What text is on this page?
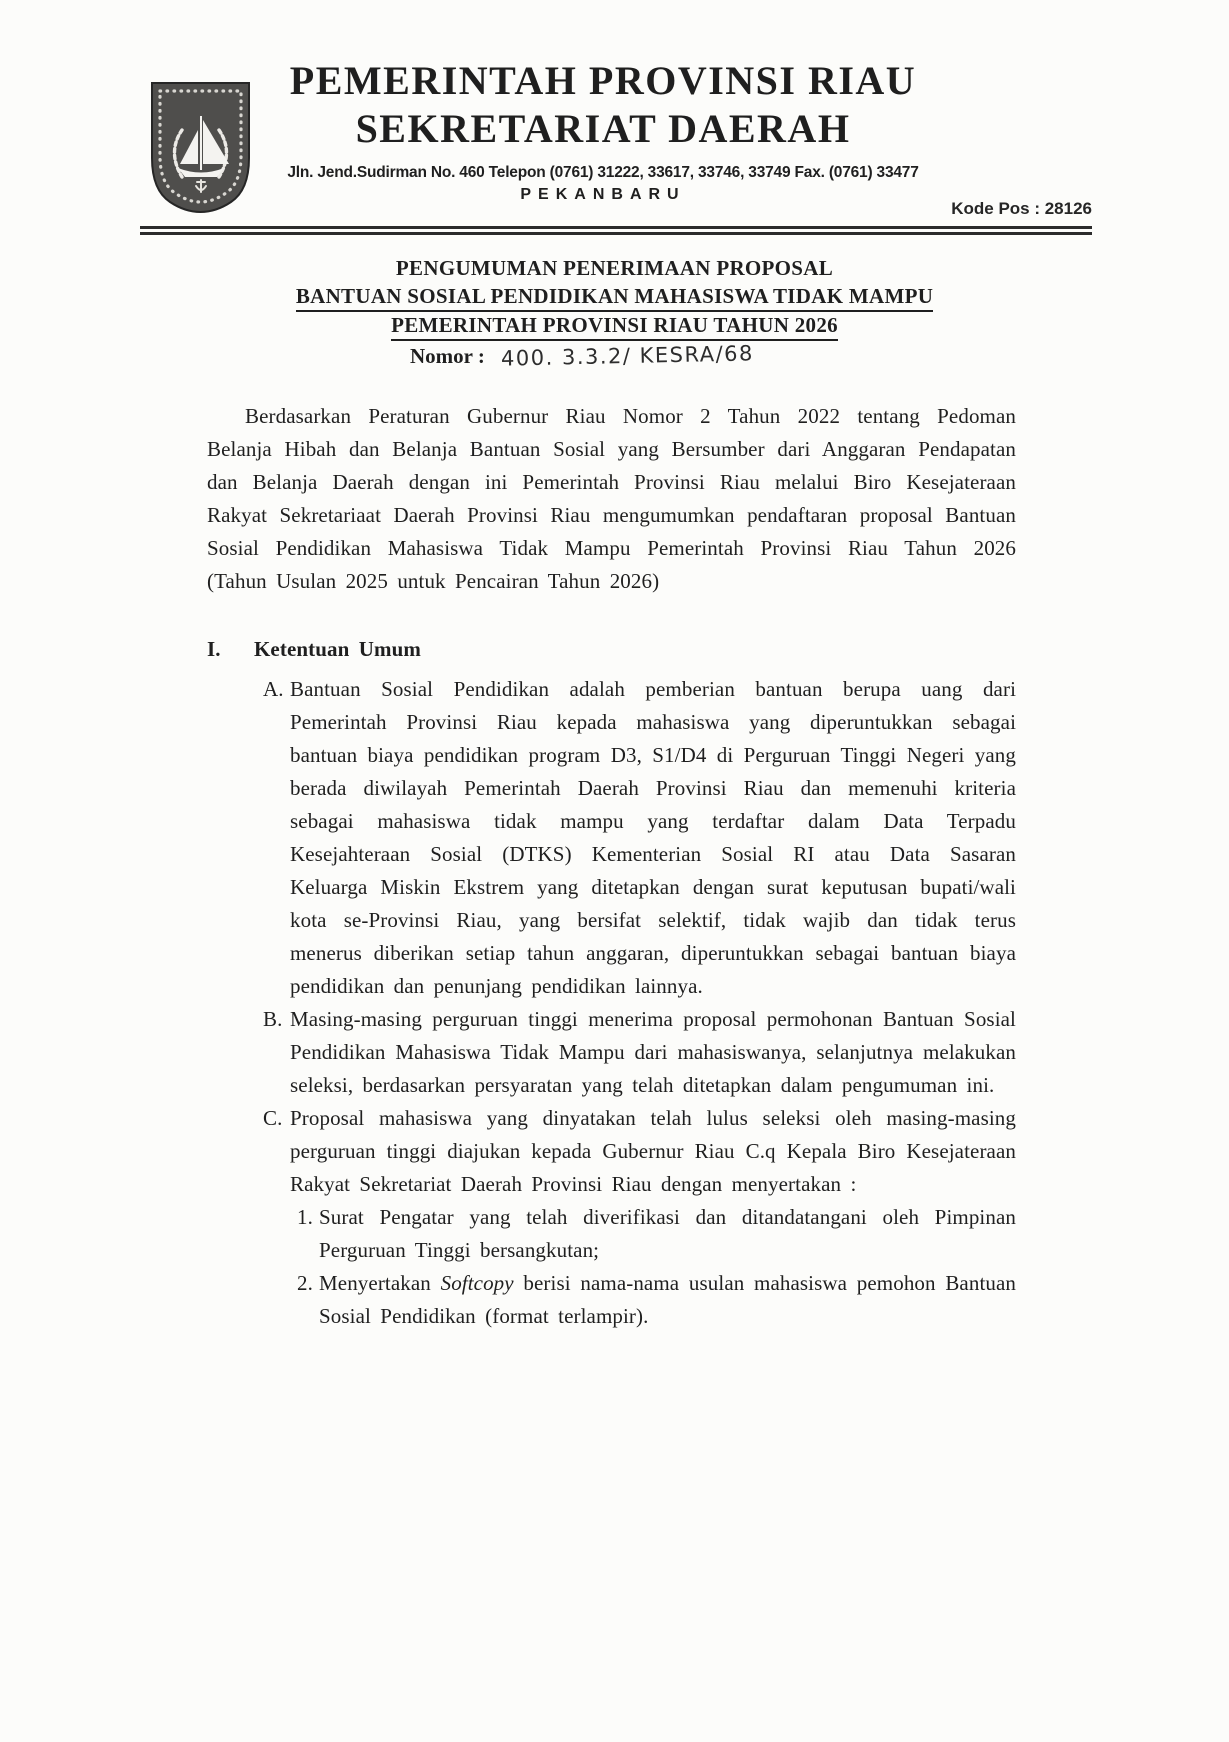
PEMERINTAH PROVINSI RIAU
SEKRETARIAT DAERAH
Jln. Jend.Sudirman No. 460 Telepon (0761) 31222, 33617, 33746, 33749 Fax. (0761) 33477
PEKANBARU
Kode Pos : 28126
PENGUMUMAN PENERIMAAN PROPOSAL
BANTUAN SOSIAL PENDIDIKAN MAHASISWA TIDAK MAMPU
PEMERINTAH PROVINSI RIAU TAHUN 2026
Nomor : 400. 3.3.2/ KESRA/68

Berdasarkan Peraturan Gubernur Riau Nomor 2 Tahun 2022 tentang Pedoman Belanja Hibah dan Belanja Bantuan Sosial yang Bersumber dari Anggaran Pendapatan dan Belanja Daerah dengan ini Pemerintah Provinsi Riau melalui Biro Kesejateraan Rakyat Sekretariaat Daerah Provinsi Riau mengumumkan pendaftaran proposal Bantuan Sosial Pendidikan Mahasiswa Tidak Mampu Pemerintah Provinsi Riau Tahun 2026 (Tahun Usulan 2025 untuk Pencairan Tahun 2026)

I.	Ketentuan Umum
A. Bantuan Sosial Pendidikan adalah pemberian bantuan berupa uang dari Pemerintah Provinsi Riau kepada mahasiswa yang diperuntukkan sebagai bantuan biaya pendidikan program D3, S1/D4 di Perguruan Tinggi Negeri yang berada diwilayah Pemerintah Daerah Provinsi Riau dan memenuhi kriteria sebagai mahasiswa tidak mampu yang terdaftar dalam Data Terpadu Kesejahteraan Sosial (DTKS) Kementerian Sosial RI atau Data Sasaran Keluarga Miskin Ekstrem yang ditetapkan dengan surat keputusan bupati/wali kota se-Provinsi Riau, yang bersifat selektif, tidak wajib dan tidak terus menerus diberikan setiap tahun anggaran, diperuntukkan sebagai bantuan biaya pendidikan dan penunjang pendidikan lainnya.
B. Masing-masing perguruan tinggi menerima proposal permohonan Bantuan Sosial Pendidikan Mahasiswa Tidak Mampu dari mahasiswanya, selanjutnya melakukan seleksi, berdasarkan persyaratan yang telah ditetapkan dalam pengumuman ini.
C. Proposal mahasiswa yang dinyatakan telah lulus seleksi oleh masing-masing perguruan tinggi diajukan kepada Gubernur Riau C.q Kepala Biro Kesejateraan Rakyat Sekretariat Daerah Provinsi Riau dengan menyertakan :
1. Surat Pengatar yang telah diverifikasi dan ditandatangani oleh Pimpinan Perguruan Tinggi bersangkutan;
2. Menyertakan Softcopy berisi nama-nama usulan mahasiswa pemohon Bantuan Sosial Pendidikan (format terlampir).
